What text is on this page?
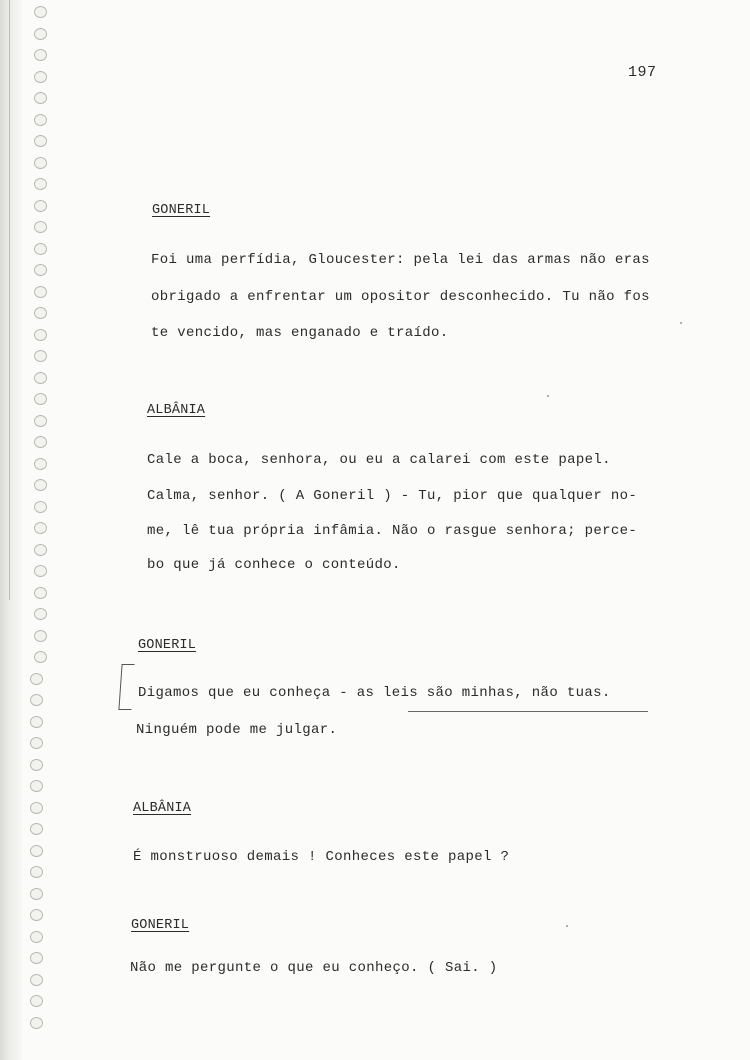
197
GONERIL
Foi uma perfídia, Gloucester: pela lei das armas não eras
obrigado a enfrentar um opositor desconhecido. Tu não fos
te vencido, mas enganado e traído.
ALBÂNIA
Cale a boca, senhora, ou eu a calarei com este papel.
Calma, senhor. ( A Goneril ) - Tu, pior que qualquer no-
me, lê tua própria infâmia. Não o rasgue senhora; perce-
bo que já conhece o conteúdo.
GONERIL
Digamos que eu conheça - as leis são minhas, não tuas.
Ninguém pode me julgar.
ALBÂNIA
É monstruoso demais ! Conheces este papel ?
GONERIL
Não me pergunte o que eu conheço. ( Sai. )
